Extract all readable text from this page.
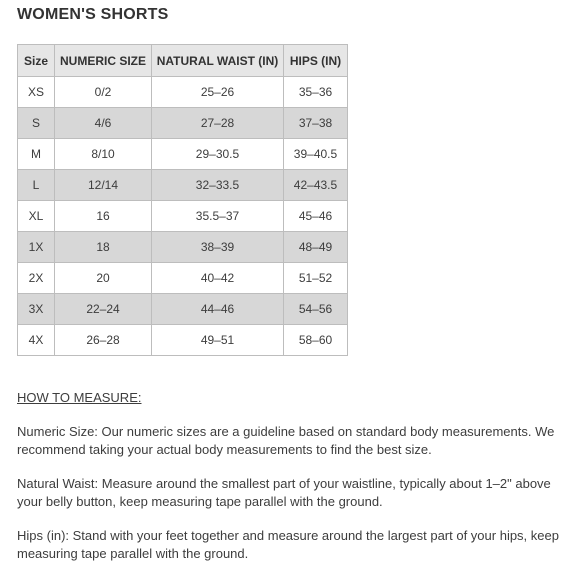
WOMEN'S SHORTS
Size	NUMERIC SIZE	NATURAL WAIST (IN)	HIPS (IN)
XS	0/2	25–26	35–36
S	4/6	27–28	37–38
M	8/10	29–30.5	39–40.5
L	12/14	32–33.5	42–43.5
XL	16	35.5–37	45–46
1X	18	38–39	48–49
2X	20	40–42	51–52
3X	22–24	44–46	54–56
4X	26–28	49–51	58–60

HOW TO MEASURE:

Numeric Size: Our numeric sizes are a guideline based on standard body measurements. We recommend taking your actual body measurements to find the best size.

Natural Waist: Measure around the smallest part of your waistline, typically about 1–2" above your belly button, keep measuring tape parallel with the ground.

Hips (in): Stand with your feet together and measure around the largest part of your hips, keep measuring tape parallel with the ground.
